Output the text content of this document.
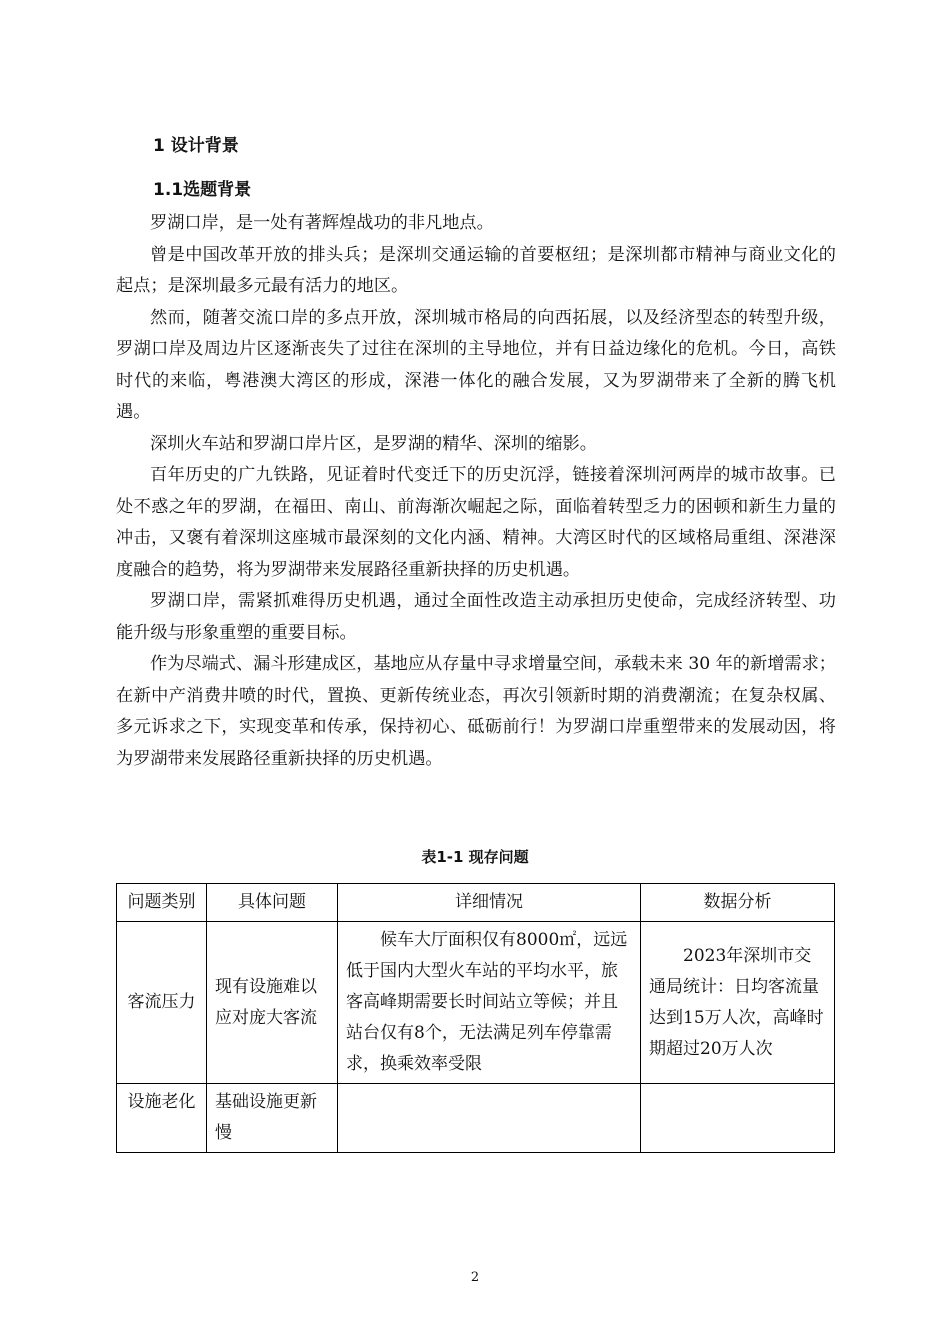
1 设计背景
1.1选题背景

罗湖口岸，是一处有著辉煌战功的非凡地点。

曾是中国改革开放的排头兵；是深圳交通运输的首要枢纽；是深圳都市精神与商业文化的起点；是深圳最多元最有活力的地区。

然而，随著交流口岸的多点开放，深圳城市格局的向西拓展，以及经济型态的转型升级，罗湖口岸及周边片区逐渐丧失了过往在深圳的主导地位，并有日益边缘化的危机。今日，高铁时代的来临，粤港澳大湾区的形成，深港一体化的融合发展，又为罗湖带来了全新的腾飞机遇。

深圳火车站和罗湖口岸片区，是罗湖的精华、深圳的缩影。

百年历史的广九铁路，见证着时代变迁下的历史沉浮，链接着深圳河两岸的城市故事。已处不惑之年的罗湖，在福田、南山、前海渐次崛起之际，面临着转型乏力的困顿和新生力量的冲击，又褒有着深圳这座城市最深刻的文化内涵、精神。大湾区时代的区域格局重组、深港深度融合的趋势，将为罗湖带来发展路径重新抉择的历史机遇。

罗湖口岸，需紧抓难得历史机遇，通过全面性改造主动承担历史使命，完成经济转型、功能升级与形象重塑的重要目标。

作为尽端式、漏斗形建成区，基地应从存量中寻求增量空间，承载未来 30 年的新增需求；在新中产消费井喷的时代，置换、更新传统业态，再次引领新时期的消费潮流；在复杂权属、多元诉求之下，实现变革和传承，保持初心、砥砺前行！为罗湖口岸重塑带来的发展动因，将为罗湖带来发展路径重新抉择的历史机遇。

表1-1 现存问题
问题类别	具体问题	详细情况	数据分析
客流压力	现有设施难以应对庞大客流	候车大厅面积仅有8000㎡，远远低于国内大型火车站的平均水平，旅客高峰期需要长时间站立等候；并且站台仅有8个，无法满足列车停靠需求，换乘效率受限	2023年深圳市交通局统计：日均客流量达到15万人次，高峰时期超过20万人次

设施老化	基础设施更新慢		
2
